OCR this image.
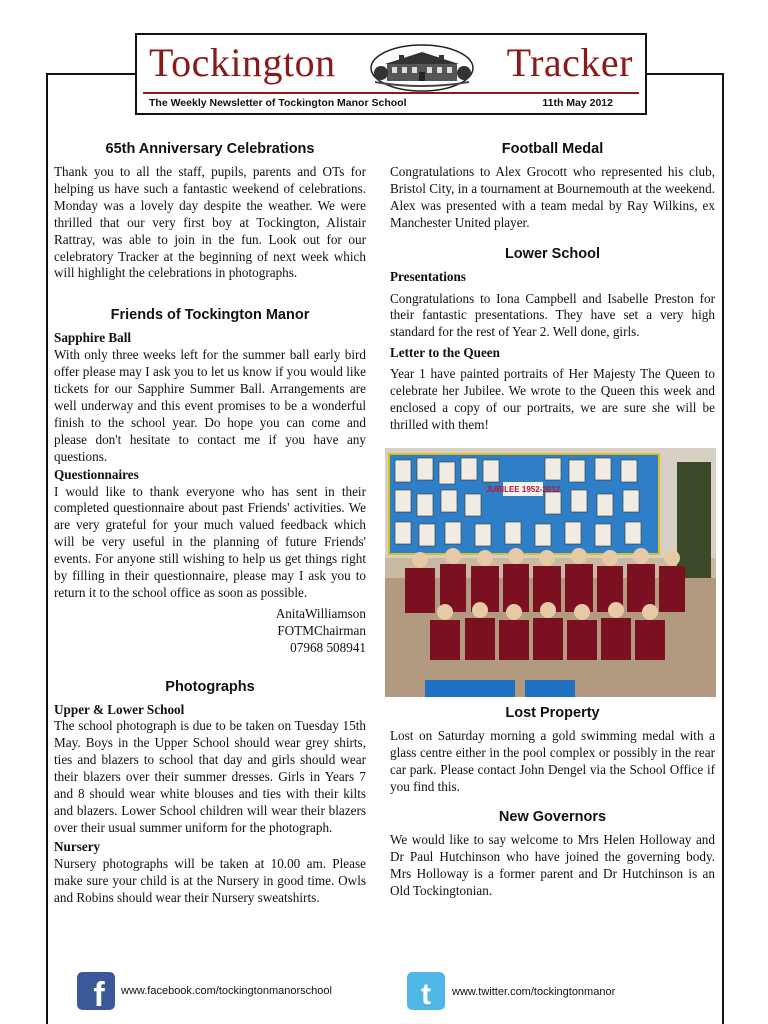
Tockington	Tracker
The Weekly Newsletter of Tockington Manor School	11th May 2012
65th Anniversary Celebrations

Thank you to all the staff, pupils, parents and OTs for helping us have such a fantastic weekend of celebrations. Monday was a lovely day despite the weather. We were thrilled that our very first boy at Tockington, Alistair Rattray, was able to join in the fun. Look out for our celebratory Tracker at the beginning of next week which will highlight the celebrations in photographs.

Friends of Tockington Manor
Sapphire Ball

With only three weeks left for the summer ball early bird offer please may I ask you to let us know if you would like tickets for our Sapphire Summer Ball. Arrangements are well underway and this event promises to be a wonderful finish to the school year. Do hope you can come and please don't hesitate to contact me if you have any questions.

Questionnaires

I would like to thank everyone who has sent in their completed questionnaire about past Friends' activities. We are very grateful for your much valued feedback which will be very useful in the planning of future Friends' events. For anyone still wishing to help us get things right by filling in their questionnaire, please may I ask you to return it to the school office as soon as possible.

AnitaWilliamson
FOTMChairman
07968 508941
Photographs
Upper & Lower School

The school photograph is due to be taken on Tuesday 15th May. Boys in the Upper School should wear grey shirts, ties and blazers to school that day and girls should wear their blazers over their summer dresses. Girls in Years 7 and 8 should wear white blouses and ties with their kilts and blazers. Lower School children will wear their blazers over their usual summer uniform for the photograph.

Nursery

Nursery photographs will be taken at 10.00 am. Please make sure your child is at the Nursery in good time. Owls and Robins should wear their Nursery sweatshirts.

Football Medal

Congratulations to Alex Grocott who represented his club, Bristol City, in a tournament at Bournemouth at the weekend. Alex was presented with a team medal by Ray Wilkins, ex Manchester United player.

Lower School
Presentations

Congratulations to Iona Campbell and Isabelle Preston for their fantastic presentations. They have set a very high standard for the rest of Year 2. Well done, girls.

Letter to the Queen

Year 1 have painted portraits of Her Majesty The Queen to celebrate her Jubilee. We wrote to the Queen this week and enclosed a copy of our portraits, we are sure she will be thrilled with them!

JUBILEE 1952-2012
Lost Property

Lost on Saturday morning a gold swimming medal with a glass centre either in the pool complex or possibly in the rear car park. Please contact John Dengel via the School Office if you find this.

New Governors

We would like to say welcome to Mrs Helen Holloway and Dr Paul Hutchinson who have joined the governing body. Mrs Holloway is a former parent and Dr Hutchinson is an Old Tockingtonian.

f www.facebook.com/tockingtonmanorschool	t www.twitter.com/tockingtonmanor
